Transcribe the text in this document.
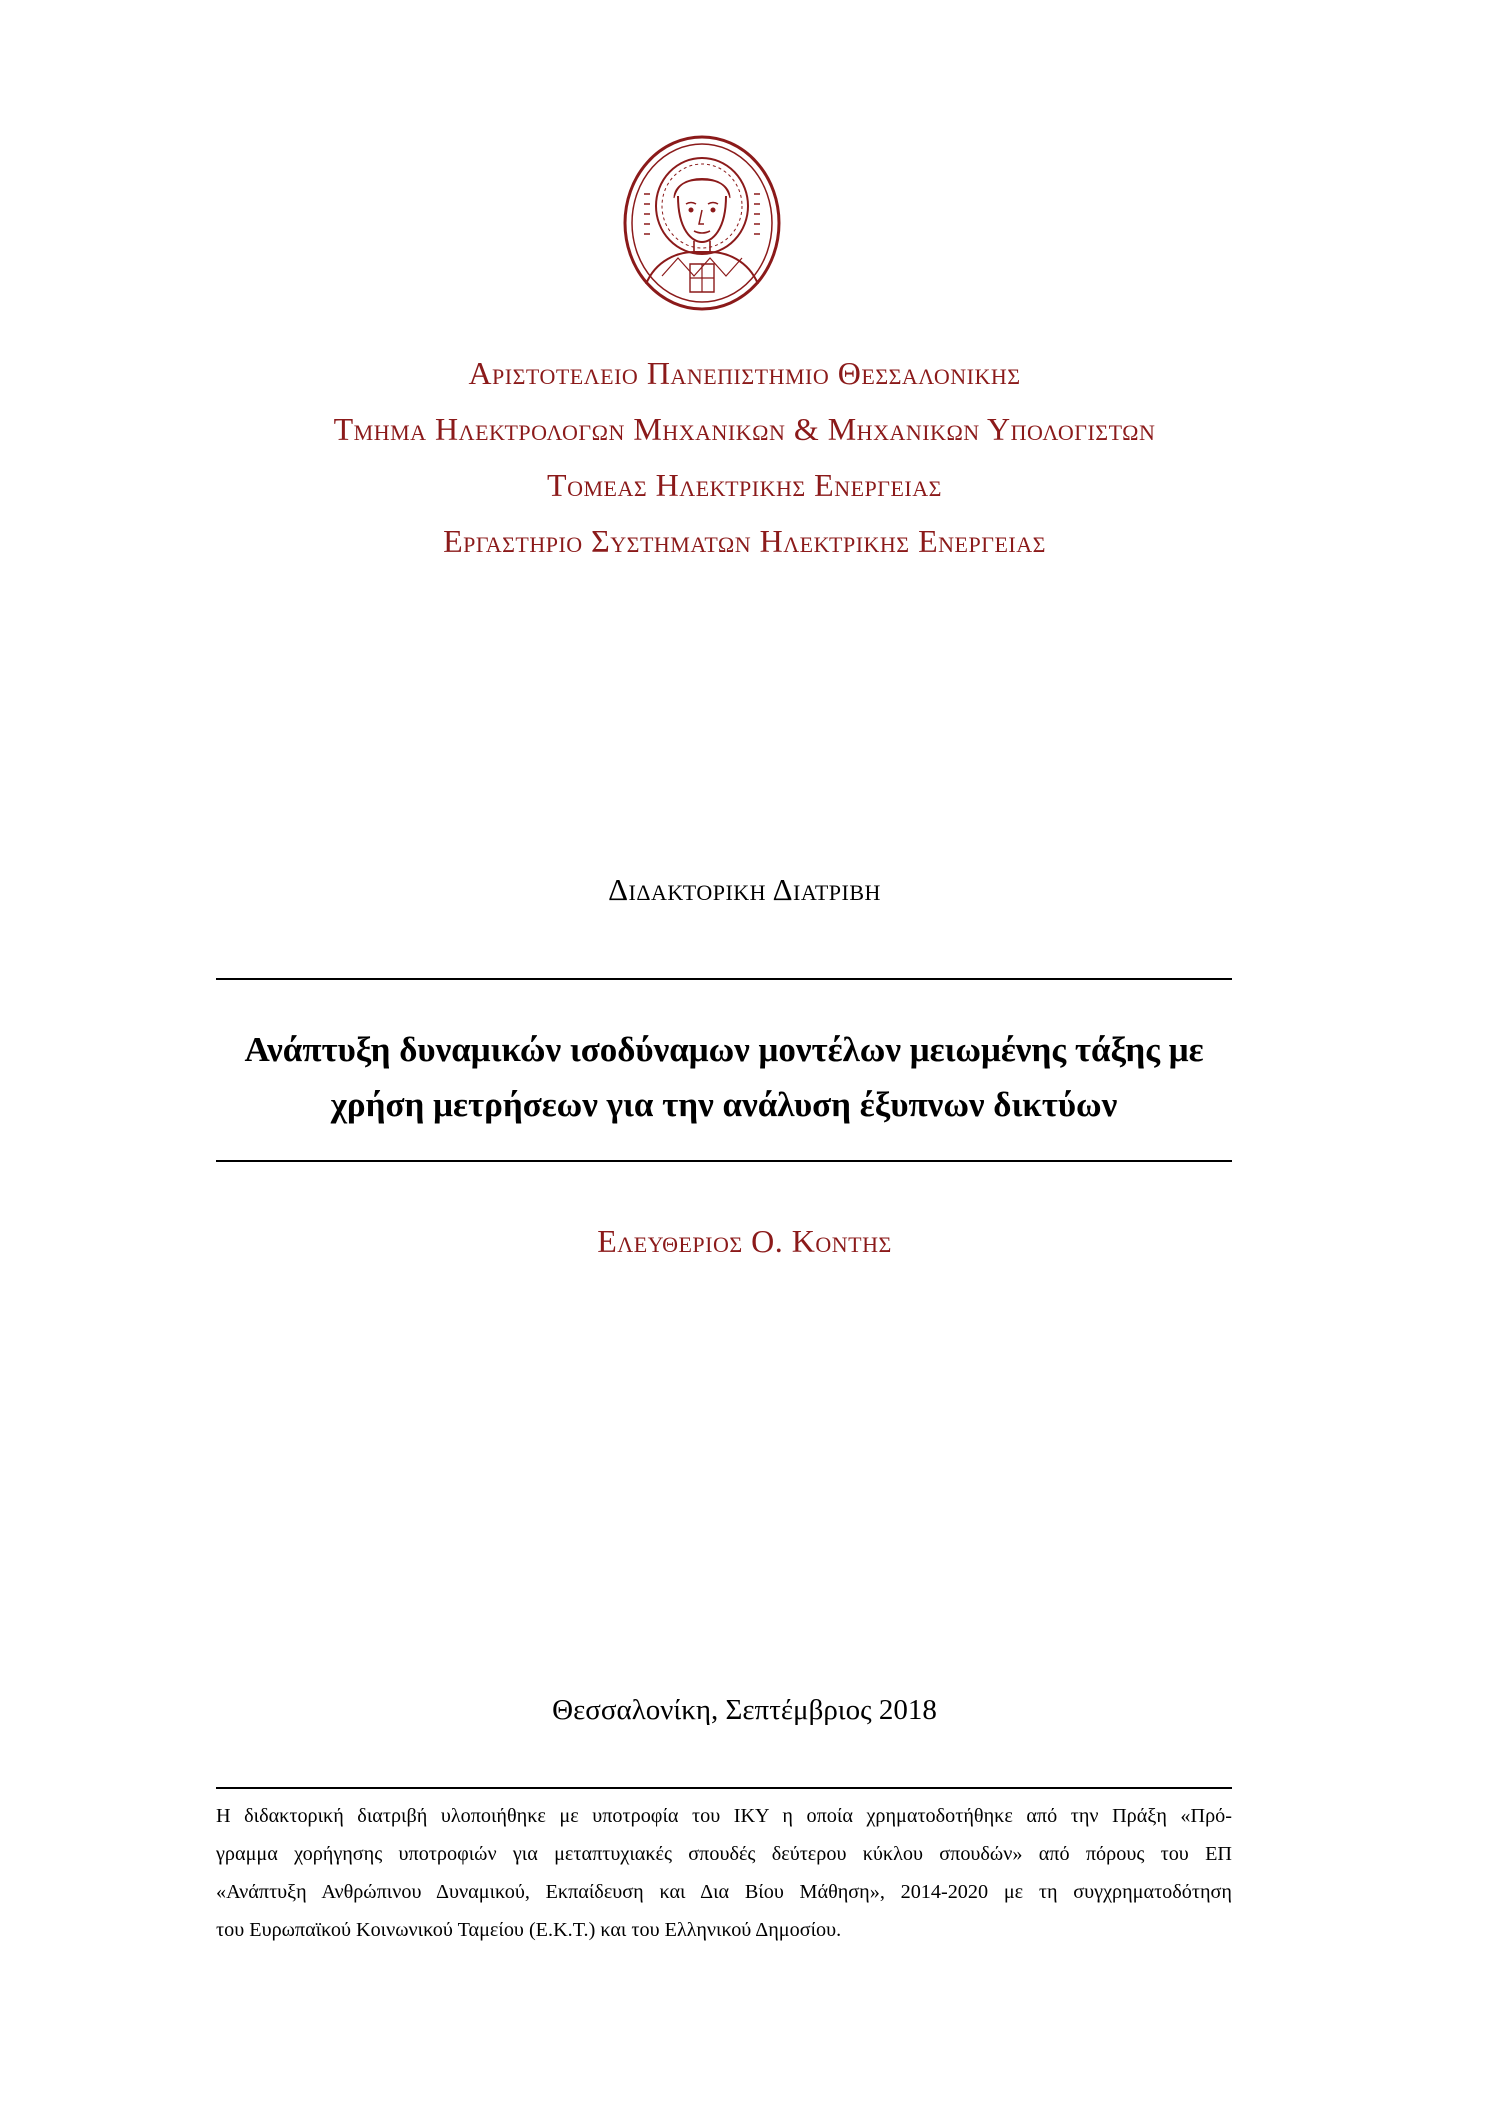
Αριστοτελειο Πανεπιστημιο Θεσσαλονικης
Τμημα Ηλεκτρολογων Μηχανικων & Μηχανικων Υπολογιστων
Τομεας Ηλεκτρικης Ενεργειας
Εργαστηριο Συστηματων Ηλεκτρικης Ενεργειας
Διδακτορικη Διατριβη
Ανάπτυξη δυναμικών ισοδύναμων μοντέλων μειωμένης τάξης με
χρήση μετρήσεων για την ανάλυση έξυπνων δικτύων
Ελευθεριος Ο. Κοντης
Θεσσαλονίκη, Σεπτέμβριος 2018
Η διδακτορική διατριβή υλοποιήθηκε με υποτροφία του ΙΚΥ η οποία χρηματοδοτήθηκε από την Πράξη «Πρό-
γραμμα χορήγησης υποτροφιών για μεταπτυχιακές σπουδές δεύτερου κύκλου σπουδών» από πόρους του ΕΠ
«Ανάπτυξη Ανθρώπινου Δυναμικού, Εκπαίδευση και Δια Βίου Μάθηση», 2014-2020 με τη συγχρηματοδότηση
του Ευρωπαϊκού Κοινωνικού Ταμείου (Ε.Κ.Τ.) και του Ελληνικού Δημοσίου.
